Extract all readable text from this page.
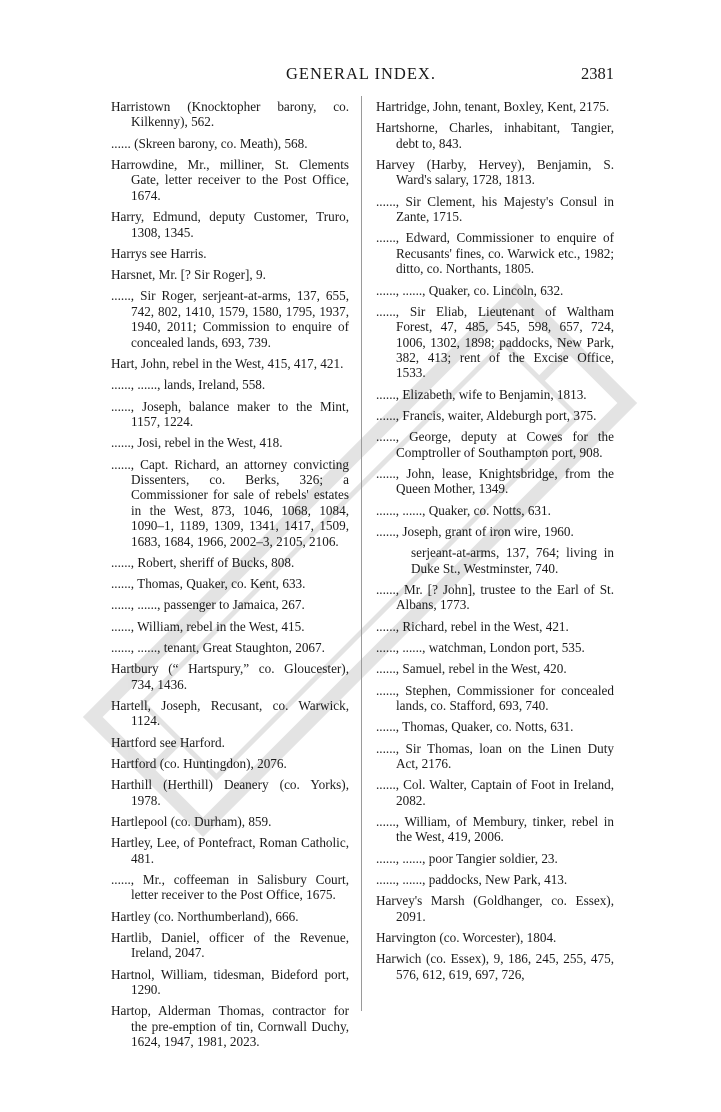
GENERAL INDEX.	2381
Harristown (Knocktopher barony, co. Kilkenny), 562.
...... (Skreen barony, co. Meath), 568.
Harrowdine, Mr., milliner, St. Clements Gate, letter receiver to the Post Office, 1674.
Harry, Edmund, deputy Customer, Truro, 1308, 1345.
Harrys see Harris.
Harsnet, Mr. [? Sir Roger], 9.
......, Sir Roger, serjeant-at-arms, 137, 655, 742, 802, 1410, 1579, 1580, 1795, 1937, 1940, 2011; Commission to enquire of concealed lands, 693, 739.
Hart, John, rebel in the West, 415, 417, 421.
......, ......, lands, Ireland, 558.
......, Joseph, balance maker to the Mint, 1157, 1224.
......, Josi, rebel in the West, 418.
......, Capt. Richard, an attorney convicting Dissenters, co. Berks, 326; a Commissioner for sale of rebels' estates in the West, 873, 1046, 1068, 1084, 1090–1, 1189, 1309, 1341, 1417, 1509, 1683, 1684, 1966, 2002–3, 2105, 2106.
......, Robert, sheriff of Bucks, 808.
......, Thomas, Quaker, co. Kent, 633.
......, ......, passenger to Jamaica, 267.
......, William, rebel in the West, 415.
......, ......, tenant, Great Staughton, 2067.
Hartbury (“ Hartspury,” co. Gloucester), 734, 1436.
Hartell, Joseph, Recusant, co. Warwick, 1124.
Hartford see Harford.
Hartford (co. Huntingdon), 2076.
Harthill (Herthill) Deanery (co. Yorks), 1978.
Hartlepool (co. Durham), 859.
Hartley, Lee, of Pontefract, Roman Catholic, 481.
......, Mr., coffeeman in Salisbury Court, letter receiver to the Post Office, 1675.
Hartley (co. Northumberland), 666.
Hartlib, Daniel, officer of the Revenue, Ireland, 2047.
Hartnol, William, tidesman, Bideford port, 1290.
Hartop, Alderman Thomas, contractor for the pre-emption of tin, Cornwall Duchy, 1624, 1947, 1981, 2023.
Hartridge, John, tenant, Boxley, Kent, 2175.
Hartshorne, Charles, inhabitant, Tangier, debt to, 843.
Harvey (Harby, Hervey), Benjamin, S. Ward's salary, 1728, 1813.
......, Sir Clement, his Majesty's Consul in Zante, 1715.
......, Edward, Commissioner to enquire of Recusants' fines, co. Warwick etc., 1982; ditto, co. Northants, 1805.
......, ......, Quaker, co. Lincoln, 632.
......, Sir Eliab, Lieutenant of Waltham Forest, 47, 485, 545, 598, 657, 724, 1006, 1302, 1898; paddocks, New Park, 382, 413; rent of the Excise Office, 1533.
......, Elizabeth, wife to Benjamin, 1813.
......, Francis, waiter, Aldeburgh port, 375.
......, George, deputy at Cowes for the Comptroller of Southampton port, 908.
......, John, lease, Knightsbridge, from the Queen Mother, 1349.
......, ......, Quaker, co. Notts, 631.
......, Joseph, grant of iron wire, 1960.
serjeant-at-arms, 137, 764; living in Duke St., Westminster, 740.
......, Mr. [? John], trustee to the Earl of St. Albans, 1773.
......, Richard, rebel in the West, 421.
......, ......, watchman, London port, 535.
......, Samuel, rebel in the West, 420.
......, Stephen, Commissioner for concealed lands, co. Stafford, 693, 740.
......, Thomas, Quaker, co. Notts, 631.
......, Sir Thomas, loan on the Linen Duty Act, 2176.
......, Col. Walter, Captain of Foot in Ireland, 2082.
......, William, of Membury, tinker, rebel in the West, 419, 2006.
......, ......, poor Tangier soldier, 23.
......, ......, paddocks, New Park, 413.
Harvey's Marsh (Goldhanger, co. Essex), 2091.
Harvington (co. Worcester), 1804.
Harwich (co. Essex), 9, 186, 245, 255, 475, 576, 612, 619, 697, 726,
